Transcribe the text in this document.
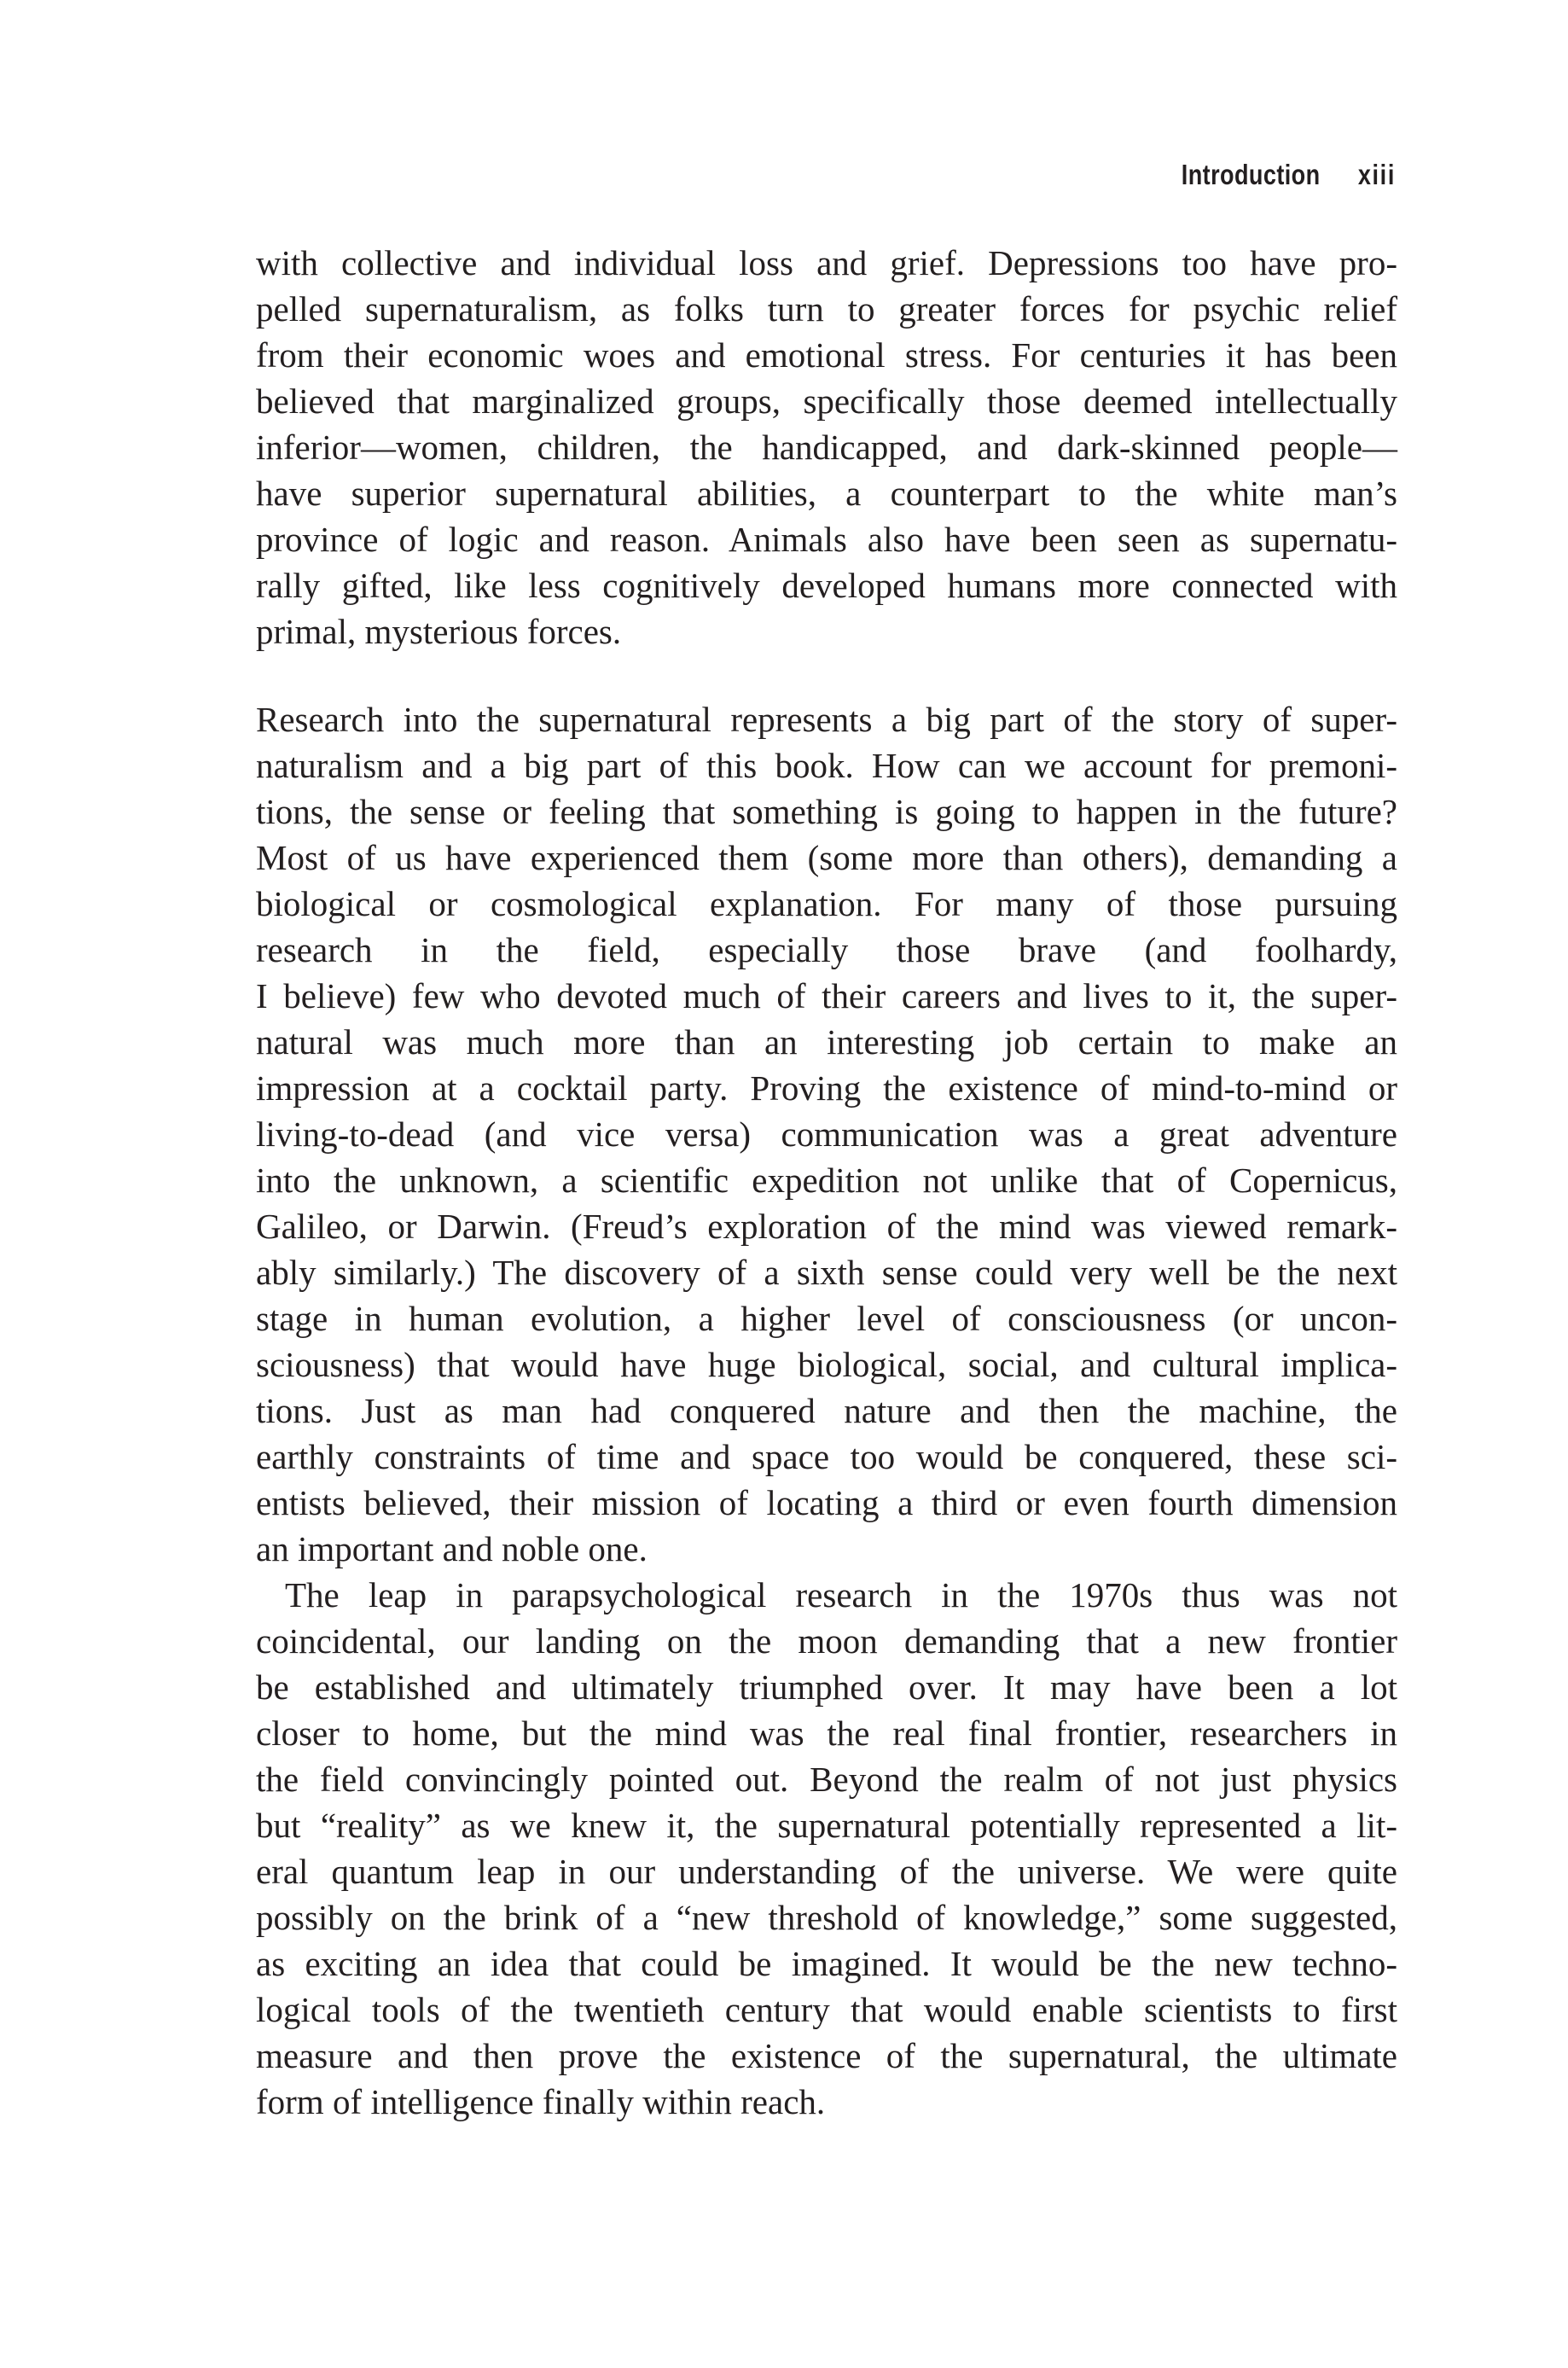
Introduction xiii

with collective and individual loss and grief. Depressions too have pro-
pelled supernaturalism, as folks turn to greater forces for psychic relief
from their economic woes and emotional stress. For centuries it has been
believed that marginalized groups, specifically those deemed intellectually
inferior—women, children, the handicapped, and dark-skinned people—
have superior supernatural abilities, a counterpart to the white man’s
province of logic and reason. Animals also have been seen as supernatu-
rally gifted, like less cognitively developed humans more connected with
primal, mysterious forces.

Research into the supernatural represents a big part of the story of super-
naturalism and a big part of this book. How can we account for premoni-
tions, the sense or feeling that something is going to happen in the future?
Most of us have experienced them (some more than others), demanding a
biological or cosmological explanation. For many of those pursuing
research in the field, especially those brave (and foolhardy,
I believe) few who devoted much of their careers and lives to it, the super-
natural was much more than an interesting job certain to make an
impression at a cocktail party. Proving the existence of mind-to-mind or
living-to-dead (and vice versa) communication was a great adventure
into the unknown, a scientific expedition not unlike that of Copernicus,
Galileo, or Darwin. (Freud’s exploration of the mind was viewed remark-
ably similarly.) The discovery of a sixth sense could very well be the next
stage in human evolution, a higher level of consciousness (or uncon-
sciousness) that would have huge biological, social, and cultural implica-
tions. Just as man had conquered nature and then the machine, the
earthly constraints of time and space too would be conquered, these sci-
entists believed, their mission of locating a third or even fourth dimension
an important and noble one.

The leap in parapsychological research in the 1970s thus was not
coincidental, our landing on the moon demanding that a new frontier
be established and ultimately triumphed over. It may have been a lot
closer to home, but the mind was the real final frontier, researchers in
the field convincingly pointed out. Beyond the realm of not just physics
but “reality” as we knew it, the supernatural potentially represented a lit-
eral quantum leap in our understanding of the universe. We were quite
possibly on the brink of a “new threshold of knowledge,” some suggested,
as exciting an idea that could be imagined. It would be the new techno-
logical tools of the twentieth century that would enable scientists to first
measure and then prove the existence of the supernatural, the ultimate
form of intelligence finally within reach.
